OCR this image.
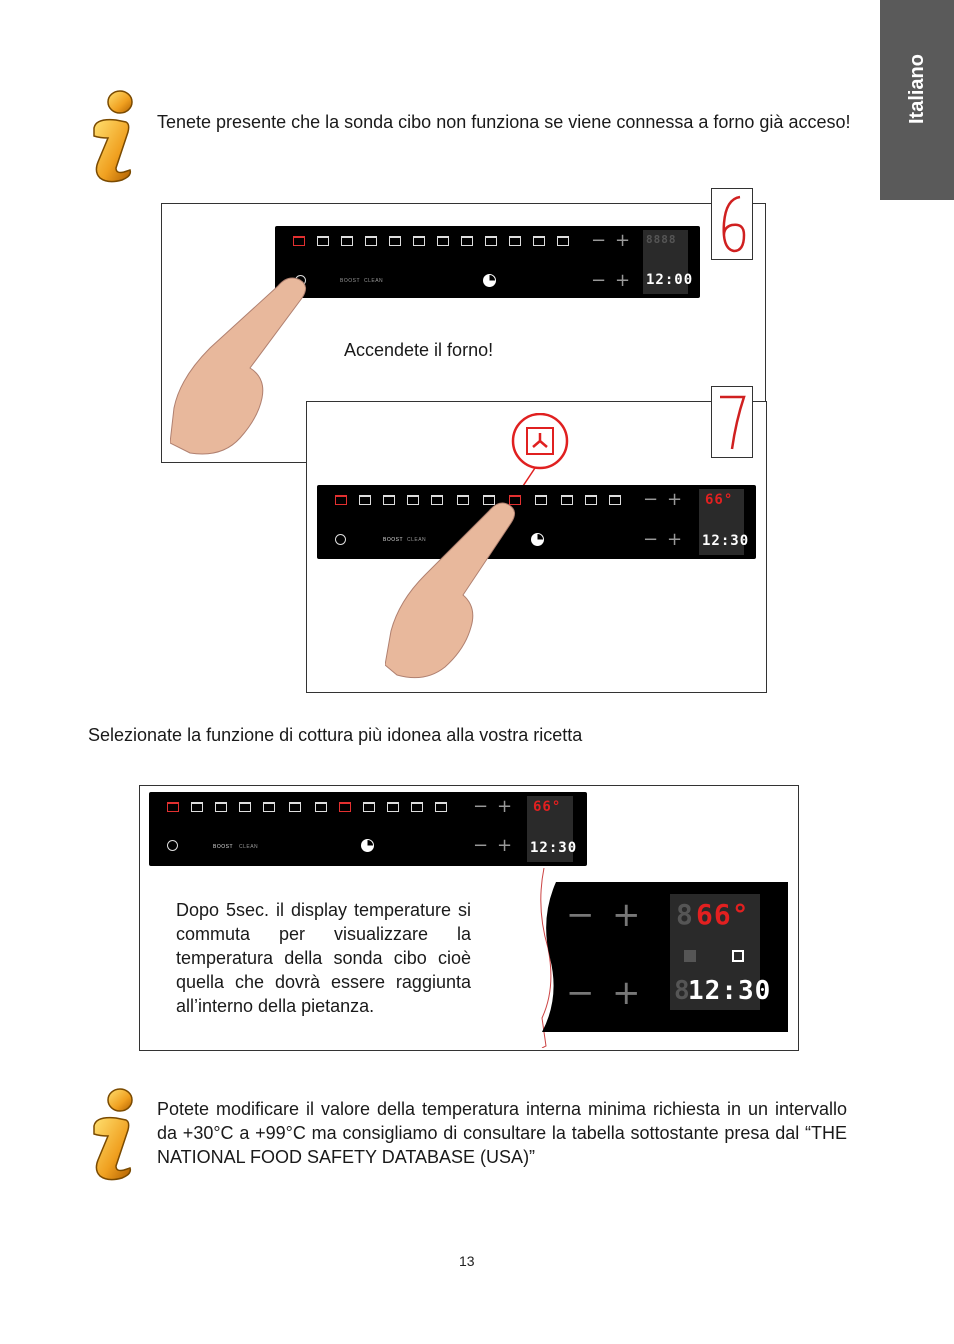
Italiano
Tenete presente che la sonda cibo non funziona se viene connessa a forno già acceso!
− + 8888
12:00
BOOST CLEAN	− +
Accendete il forno!
− + 66°
12:30
BOOST CLEAN	− +
Selezionate la funzione di cottura più idonea alla vostra ricetta
− + 66°
12:30
BOOST CLEAN	− +
− +
− +
8 66°
8
12:30
Dopo 5sec. il display temperature si commuta per visualizzare la temperatura della sonda cibo cioè quella che dovrà essere raggiunta all’interno della pietanza.
Potete modificare il valore della temperatura interna minima richiesta in un intervallo da +30°C a +99°C ma consigliamo di consultare la tabella sottostante presa dal “THE NATIONAL FOOD SAFETY DATABASE (USA)”
13
